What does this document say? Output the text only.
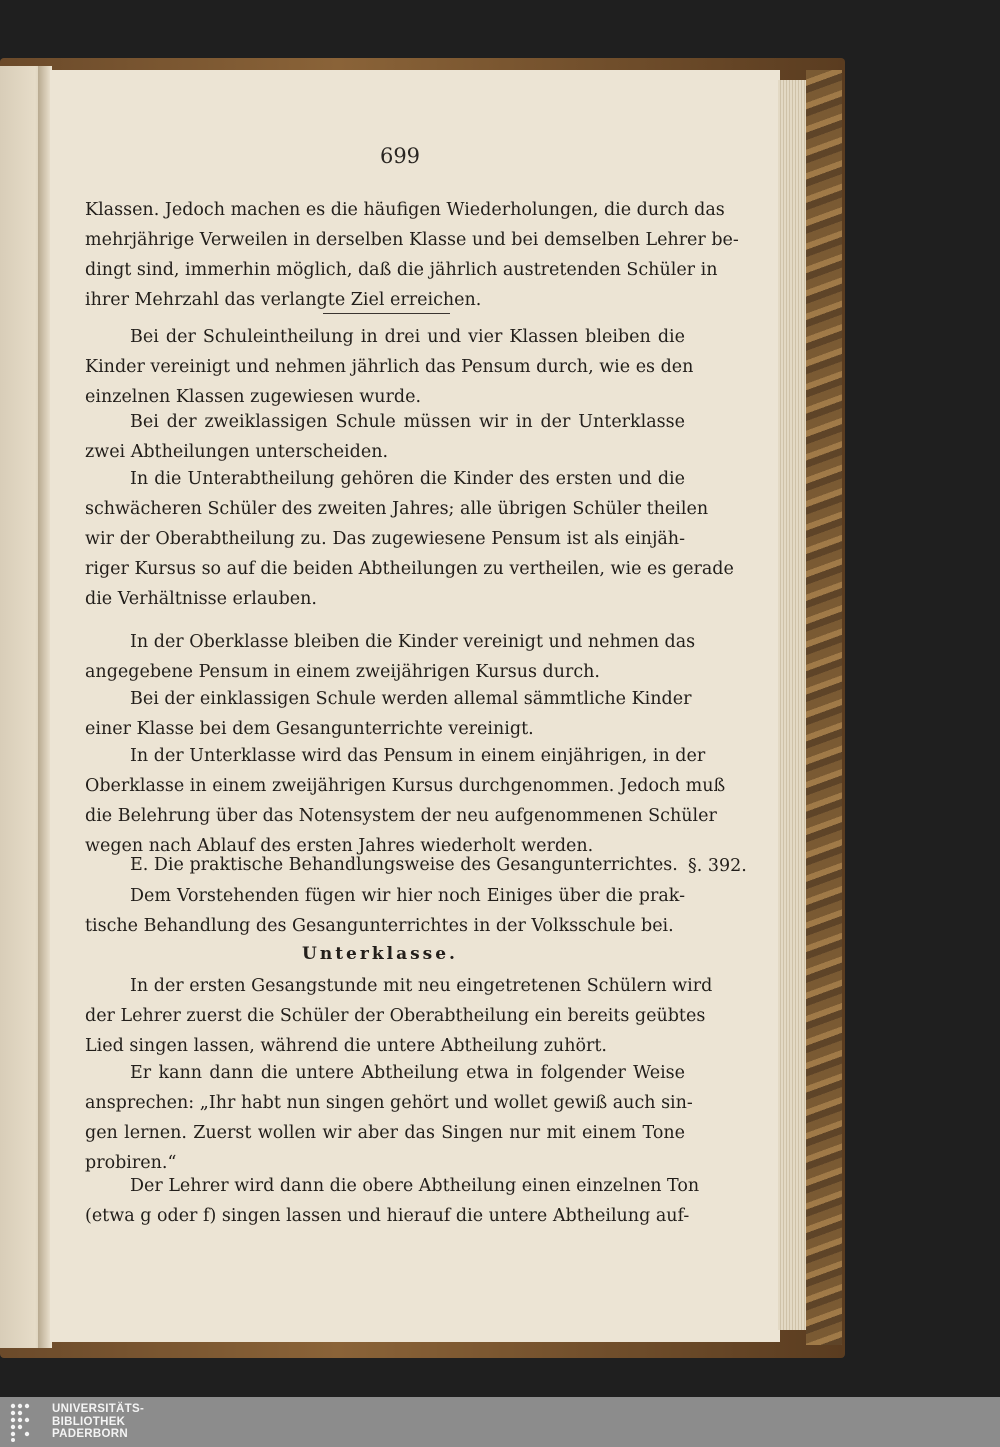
699
Klassen. Jedoch machen es die häufigen Wiederholungen, die durch das
mehrjährige Verweilen in derselben Klasse und bei demselben Lehrer be-
dingt sind, immerhin möglich, daß die jährlich austretenden Schüler in
ihrer Mehrzahl das verlangte Ziel erreichen.
Bei der Schuleintheilung in drei und vier Klassen bleiben die
Kinder vereinigt und nehmen jährlich das Pensum durch, wie es den
einzelnen Klassen zugewiesen wurde.
Bei der zweiklassigen Schule müssen wir in der Unterklasse
zwei Abtheilungen unterscheiden.
In die Unterabtheilung gehören die Kinder des ersten und die
schwächeren Schüler des zweiten Jahres; alle übrigen Schüler theilen
wir der Oberabtheilung zu. Das zugewiesene Pensum ist als einjäh-
riger Kursus so auf die beiden Abtheilungen zu vertheilen, wie es gerade
die Verhältnisse erlauben.
In der Oberklasse bleiben die Kinder vereinigt und nehmen das
angegebene Pensum in einem zweijährigen Kursus durch.
Bei der einklassigen Schule werden allemal sämmtliche Kinder
einer Klasse bei dem Gesangunterrichte vereinigt.
In der Unterklasse wird das Pensum in einem einjährigen, in der
Oberklasse in einem zweijährigen Kursus durchgenommen. Jedoch muß
die Belehrung über das Notensystem der neu aufgenommenen Schüler
wegen nach Ablauf des ersten Jahres wiederholt werden.
E. Die praktische Behandlungsweise des Gesangunterrichtes. §. 392.
Dem Vorstehenden fügen wir hier noch Einiges über die prak-
tische Behandlung des Gesangunterrichtes in der Volksschule bei.
Unterklasse.
In der ersten Gesangstunde mit neu eingetretenen Schülern wird
der Lehrer zuerst die Schüler der Oberabtheilung ein bereits geübtes
Lied singen lassen, während die untere Abtheilung zuhört.
Er kann dann die untere Abtheilung etwa in folgender Weise
ansprechen: „Ihr habt nun singen gehört und wollet gewiß auch sin-
gen lernen. Zuerst wollen wir aber das Singen nur mit einem Tone
probiren.“
Der Lehrer wird dann die obere Abtheilung einen einzelnen Ton
(etwa g oder f) singen lassen und hierauf die untere Abtheilung auf-
UNIVERSITÄTS-
BIBLIOTHEK
PADERBORN
